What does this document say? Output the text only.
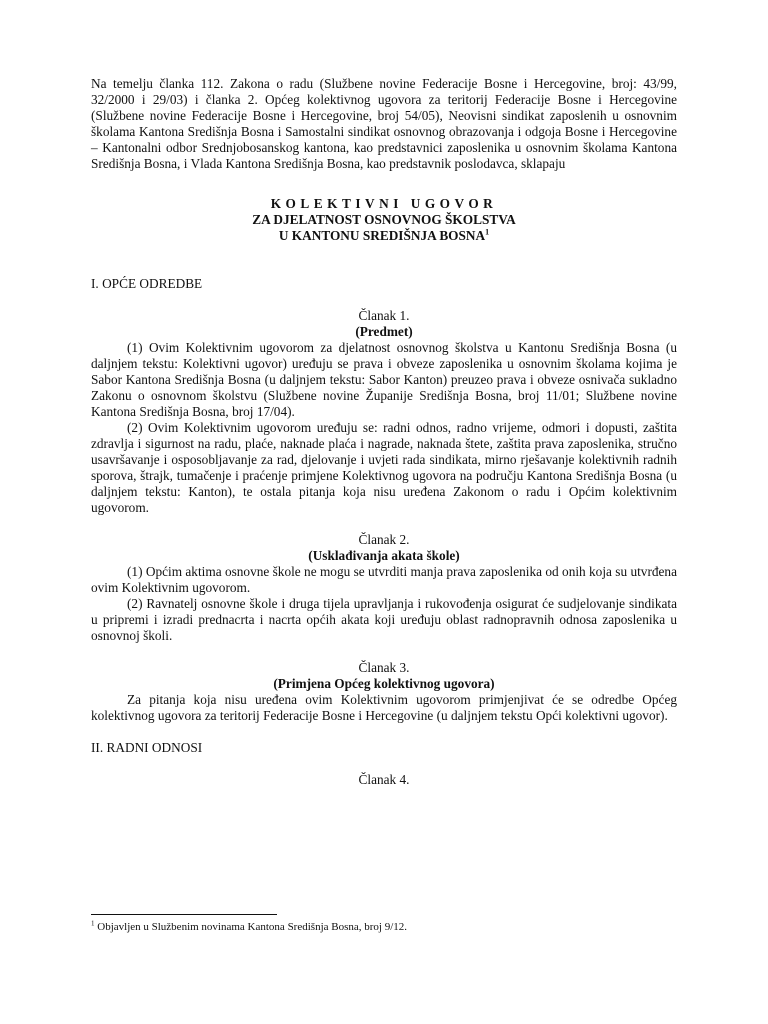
Na temelju članka 112. Zakona o radu (Službene novine Federacije Bosne i Hercegovine, broj: 43/99, 32/2000 i 29/03) i članka 2. Općeg kolektivnog ugovora za teritorij Federacije Bosne i Hercegovine (Službene novine Federacije Bosne i Hercegovine, broj 54/05), Neovisni sindikat zaposlenih u osnovnim školama Kantona Središnja Bosna i Samostalni sindikat osnovnog obrazovanja i odgoja Bosne i Hercegovine – Kantonalni odbor Srednjobosanskog kantona, kao predstavnici zaposlenika u osnovnim školama Kantona Središnja Bosna, i Vlada Kantona Središnja Bosna, kao predstavnik poslodavca, sklapaju

KOLEKTIVNI UGOVOR
ZA DJELATNOST OSNOVNOG ŠKOLSTVA
U KANTONU SREDIŠNJA BOSNA$^1$

I. OPĆE ODREDBE

Članak 1.
(Predmet)

(1) Ovim Kolektivnim ugovorom za djelatnost osnovnog školstva u Kantonu Središnja Bosna (u daljnjem tekstu: Kolektivni ugovor) uređuju se prava i obveze zaposlenika u osnovnim školama kojima je Sabor Kantona Središnja Bosna (u daljnjem tekstu: Sabor Kanton) preuzeo prava i obveze osnivača sukladno Zakonu o osnovnom školstvu (Službene novine Županije Središnja Bosna, broj 11/01; Službene novine Kantona Središnja Bosna, broj 17/04).

(2) Ovim Kolektivnim ugovorom uređuju se: radni odnos, radno vrijeme, odmori i dopusti, zaštita zdravlja i sigurnost na radu, plaće, naknade plaća i nagrade, naknada štete, zaštita prava zaposlenika, stručno usavršavanje i osposobljavanje za rad, djelovanje i uvjeti rada sindikata, mirno rješavanje kolektivnih radnih sporova, štrajk, tumačenje i praćenje primjene Kolektivnog ugovora na području Kantona Središnja Bosna (u daljnjem tekstu: Kanton), te ostala pitanja koja nisu uređena Zakonom o radu i Općim kolektivnim ugovorom.

Članak 2.
(Usklađivanja akata škole)

(1) Općim aktima osnovne škole ne mogu se utvrditi manja prava zaposlenika od onih koja su utvrđena ovim Kolektivnim ugovorom.

(2) Ravnatelj osnovne škole i druga tijela upravljanja i rukovođenja osigurat će sudjelovanje sindikata u pripremi i izradi prednacrta i nacrta općih akata koji uređuju oblast radnopravnih odnosa zaposlenika u osnovnoj školi.

Članak 3.
(Primjena Općeg kolektivnog ugovora)

Za pitanja koja nisu uređena ovim Kolektivnim ugovorom primjenjivat će se odredbe Općeg kolektivnog ugovora za teritorij Federacije Bosne i Hercegovine (u daljnjem tekstu Opći kolektivni ugovor).

II. RADNI ODNOSI

Članak 4.
$^1$ Objavljen u Službenim novinama Kantona Središnja Bosna, broj 9/12.
